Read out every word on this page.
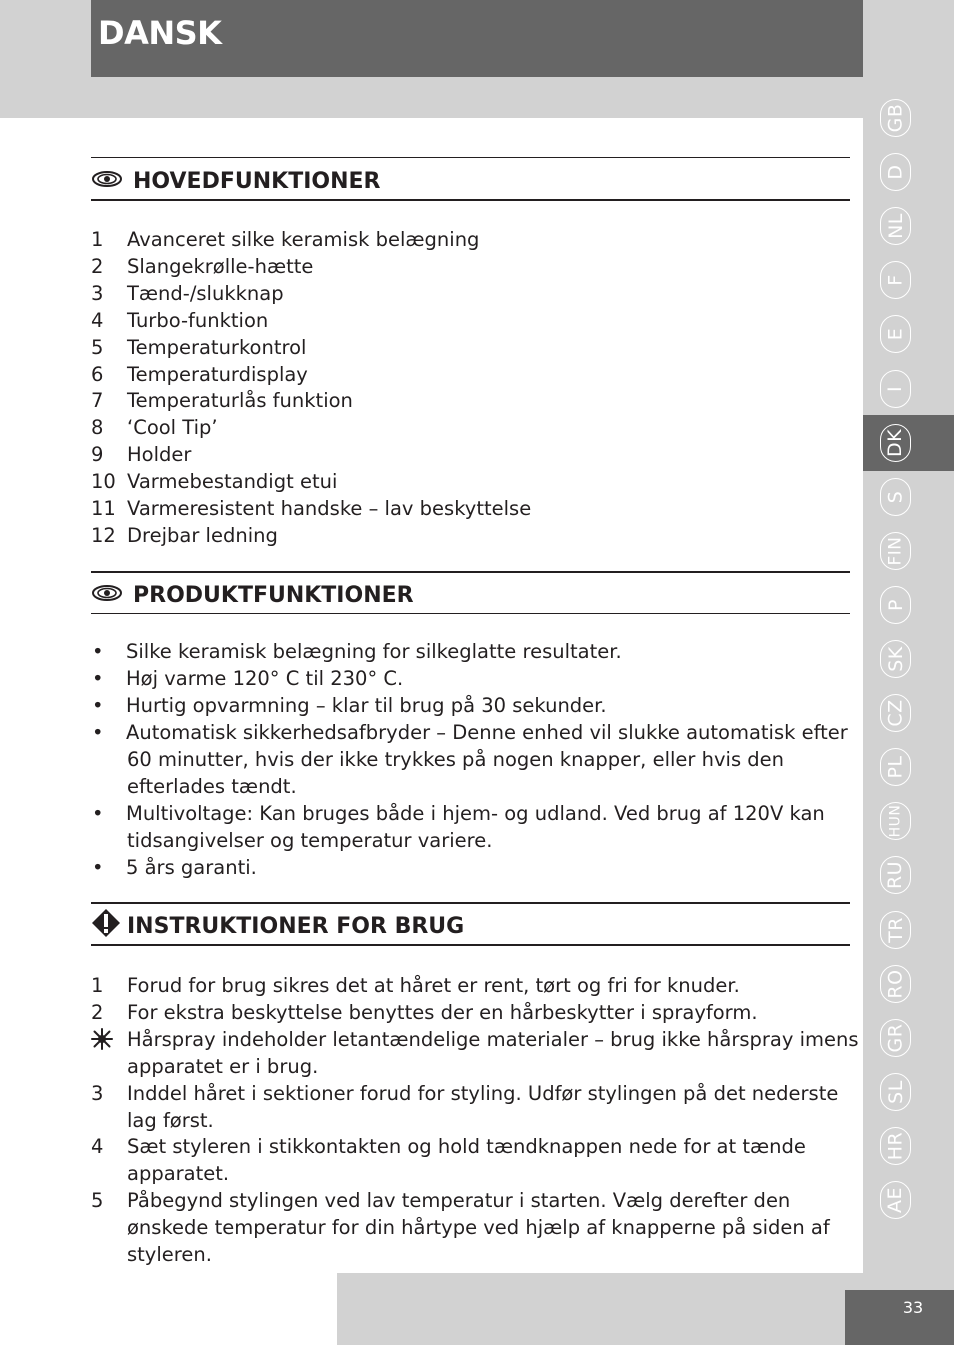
DANSK
HOVEDFUNKTIONER
1 Avanceret silke keramisk belægning
2 Slangekrølle-hætte
3 Tænd-/slukknap
4 Turbo-funktion
5 Temperaturkontrol
6 Temperaturdisplay
7 Temperaturlås funktion
8 ‘Cool Tip’
9 Holder
10 Varmebestandigt etui
11 Varmeresistent handske – lav beskyttelse
12 Drejbar ledning
PRODUKTFUNKTIONER
• Silke keramisk belægning for silkeglatte resultater.
• Høj varme 120° C til 230° C.
• Hurtig opvarmning – klar til brug på 30 sekunder.
• Automatisk sikkerhedsafbryder – Denne enhed vil slukke automatisk efter
60 minutter, hvis der ikke trykkes på nogen knapper, eller hvis den
efterlades tændt.
• Multivoltage: Kan bruges både i hjem- og udland. Ved brug af 120V kan
tidsangivelser og temperatur variere.
• 5 års garanti.
INSTRUKTIONER FOR BRUG
1 Forud for brug sikres det at håret er rent, tørt og fri for knuder.
2 For ekstra beskyttelse benyttes der en hårbeskytter i sprayform.
Hårspray indeholder letantændelige materialer – brug ikke hårspray imens
apparatet er i brug.
3 Inddel håret i sektioner forud for styling. Udfør stylingen på det nederste
lag først.
4 Sæt styleren i stikkontakten og hold tændknappen nede for at tænde
apparatet.
5 Påbegynd stylingen ved lav temperatur i starten. Vælg derefter den
ønskede temperatur for din hårtype ved hjælp af knapperne på siden af
styleren.
GB
D
NL
F
E
I
DK
S
FIN
P
SK
CZ
PL
HUN
RU
TR
RO
GR
SL
HR
AE
33
